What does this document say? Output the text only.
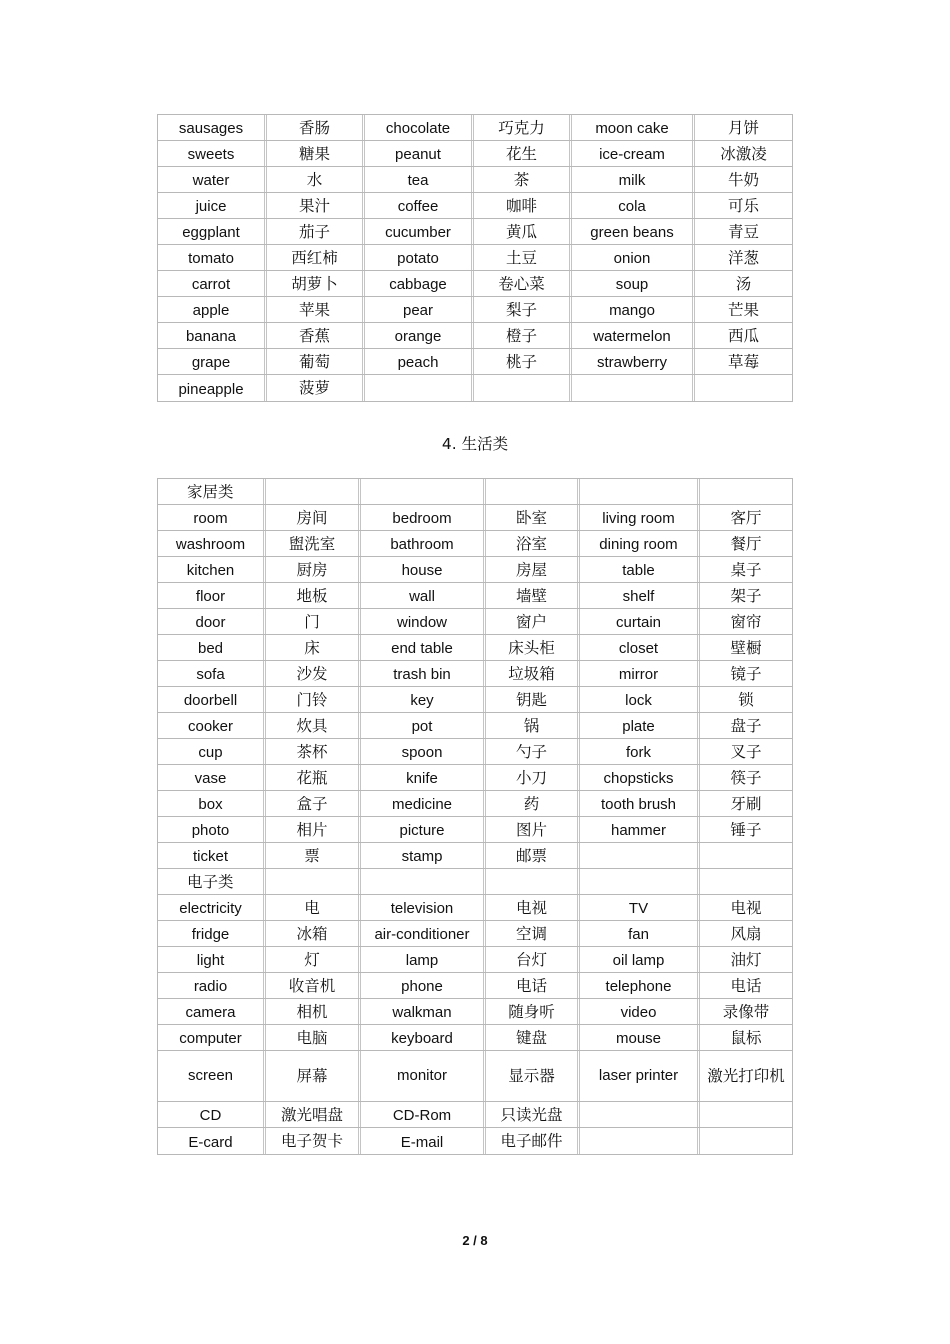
sausages	香肠	chocolate	巧克力	moon cake	月饼
sweets	糖果	peanut	花生	ice-cream	冰激凌
water	水	tea	茶	milk	牛奶
juice	果汁	coffee	咖啡	cola	可乐
eggplant	茄子	cucumber	黄瓜	green beans	青豆
tomato	西红柿	potato	土豆	onion	洋葱
carrot	胡萝卜	cabbage	卷心菜	soup	汤
apple	苹果	pear	梨子	mango	芒果
banana	香蕉	orange	橙子	watermelon	西瓜
grape	葡萄	peach	桃子	strawberry	草莓
pineapple	菠萝
4. 生活类
家居类
room	房间	bedroom	卧室	living room	客厅
washroom	盥洗室	bathroom	浴室	dining room	餐厅
kitchen	厨房	house	房屋	table	桌子
floor	地板	wall	墙壁	shelf	架子
door	门	window	窗户	curtain	窗帘
bed	床	end table	床头柜	closet	壁橱
sofa	沙发	trash bin	垃圾箱	mirror	镜子
doorbell	门铃	key	钥匙	lock	锁
cooker	炊具	pot	锅	plate	盘子
cup	茶杯	spoon	勺子	fork	叉子
vase	花瓶	knife	小刀	chopsticks	筷子
box	盒子	medicine	药	tooth brush	牙刷
photo	相片	picture	图片	hammer	锤子
ticket	票	stamp	邮票
电子类
electricity	电	television	电视	TV	电视
fridge	冰箱	air-conditioner	空调	fan	风扇
light	灯	lamp	台灯	oil lamp	油灯
radio	收音机	phone	电话	telephone	电话
camera	相机	walkman	随身听	video	录像带
computer	电脑	keyboard	键盘	mouse	鼠标
screen	屏幕	monitor	显示器	laser printer	激光打印机
CD	激光唱盘	CD-Rom	只读光盘
E-card	电子贺卡	E-mail	电子邮件
2 / 8
